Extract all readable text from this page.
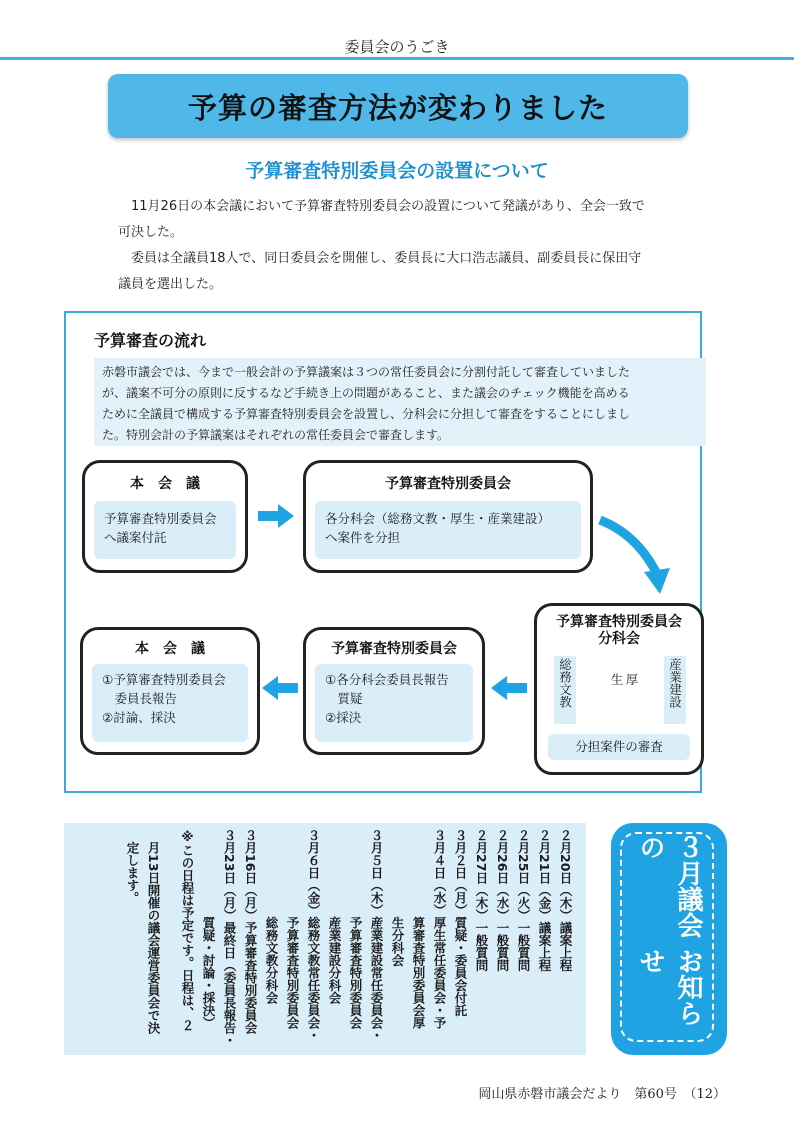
委員会のうごき
予算の審査方法が変わりました
予算審査特別委員会の設置について

11月26日の本会議において予算審査特別委員会の設置について発議があり、全会一致で

可決した。

委員は全議員18人で、同日委員会を開催し、委員長に大口浩志議員、副委員長に保田守

議員を選出した。

予算審査の流れ
赤磐市議会では、今まで一般会計の予算議案は３つの常任委員会に分割付託して審査していました
が、議案不可分の原則に反するなど手続き上の問題があること、また議会のチェック機能を高める
ために全議員で構成する予算審査特別委員会を設置し、分科会に分担して審査をすることにしまし
た。特別会計の予算議案はそれぞれの常任委員会で審査します。
本　会　議
予算審査特別委員会
へ議案付託
予算審査特別委員会
各分科会（総務文教・厚生・産業建設）
へ案件を分担
予算審査特別委員会
分科会
総務文教	厚生	産業建設
分担案件の審査
予算審査特別委員会
①各分科会委員長報告
　質疑
②採決
本　会　議
①予算審査特別委員会
　委員長報告
②討論、採決
２月20日（木）議案上程
２月21日（金）議案上程
２月25日（火）一般質問
２月26日（水）一般質問
２月27日（木）一般質問
３月２日（月）質疑・委員会付託
３月４日（水）厚生常任委員会・予
　　　　　　　算審査特別委員会厚
　　　　　　　生分科会
３月５日（木）産業建設常任委員会・
　　　　　　　予算審査特別委員会
　　　　　　　産業建設分科会
３月６日（金）総務文教常任委員会・
　　　　　　　予算審査特別委員会
　　　　　　　総務文教分科会
３月16日（月）予算審査特別委員会
３月23日（月）最終日（委員長報告・
　　　　　　　質疑・討論・採決）
※この日程は予定です。日程は、２
　月13日開催の議会運営委員会で決
　定します。	３月議会の
お知らせ
岡山県赤磐市議会だより　第60号　（12）
